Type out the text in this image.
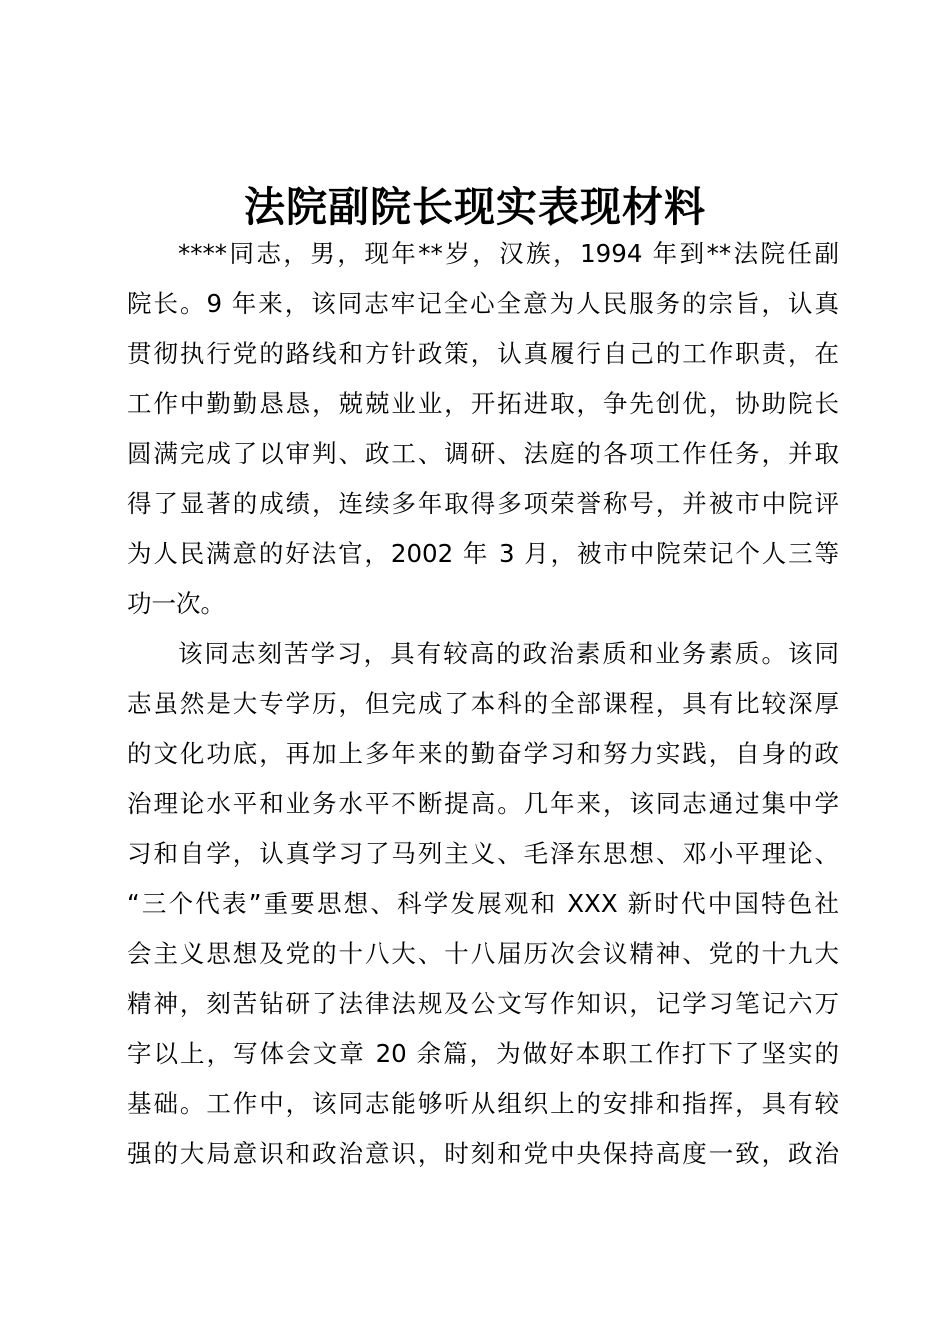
法院副院长现实表现材料
****同志，男，现年**岁，汉族，1994 年到**法院任副
院长。9 年来，该同志牢记全心全意为人民服务的宗旨，认真
贯彻执行党的路线和方针政策，认真履行自己的工作职责，在
工作中勤勤恳恳，兢兢业业，开拓进取，争先创优，协助院长
圆满完成了以审判、政工、调研、法庭的各项工作任务，并取
得了显著的成绩，连续多年取得多项荣誉称号，并被市中院评
为人民满意的好法官，2002 年 3 月，被市中院荣记个人三等
功一次。
该同志刻苦学习，具有较高的政治素质和业务素质。该同
志虽然是大专学历，但完成了本科的全部课程，具有比较深厚
的文化功底，再加上多年来的勤奋学习和努力实践，自身的政
治理论水平和业务水平不断提高。几年来，该同志通过集中学
习和自学，认真学习了马列主义、毛泽东思想、邓小平理论、
“三个代表”重要思想、科学发展观和 XXX 新时代中国特色社
会主义思想及党的十八大、十八届历次会议精神、党的十九大
精神，刻苦钻研了法律法规及公文写作知识，记学习笔记六万
字以上，写体会文章 20 余篇，为做好本职工作打下了坚实的
基础。工作中，该同志能够听从组织上的安排和指挥，具有较
强的大局意识和政治意识，时刻和党中央保持高度一致，政治
